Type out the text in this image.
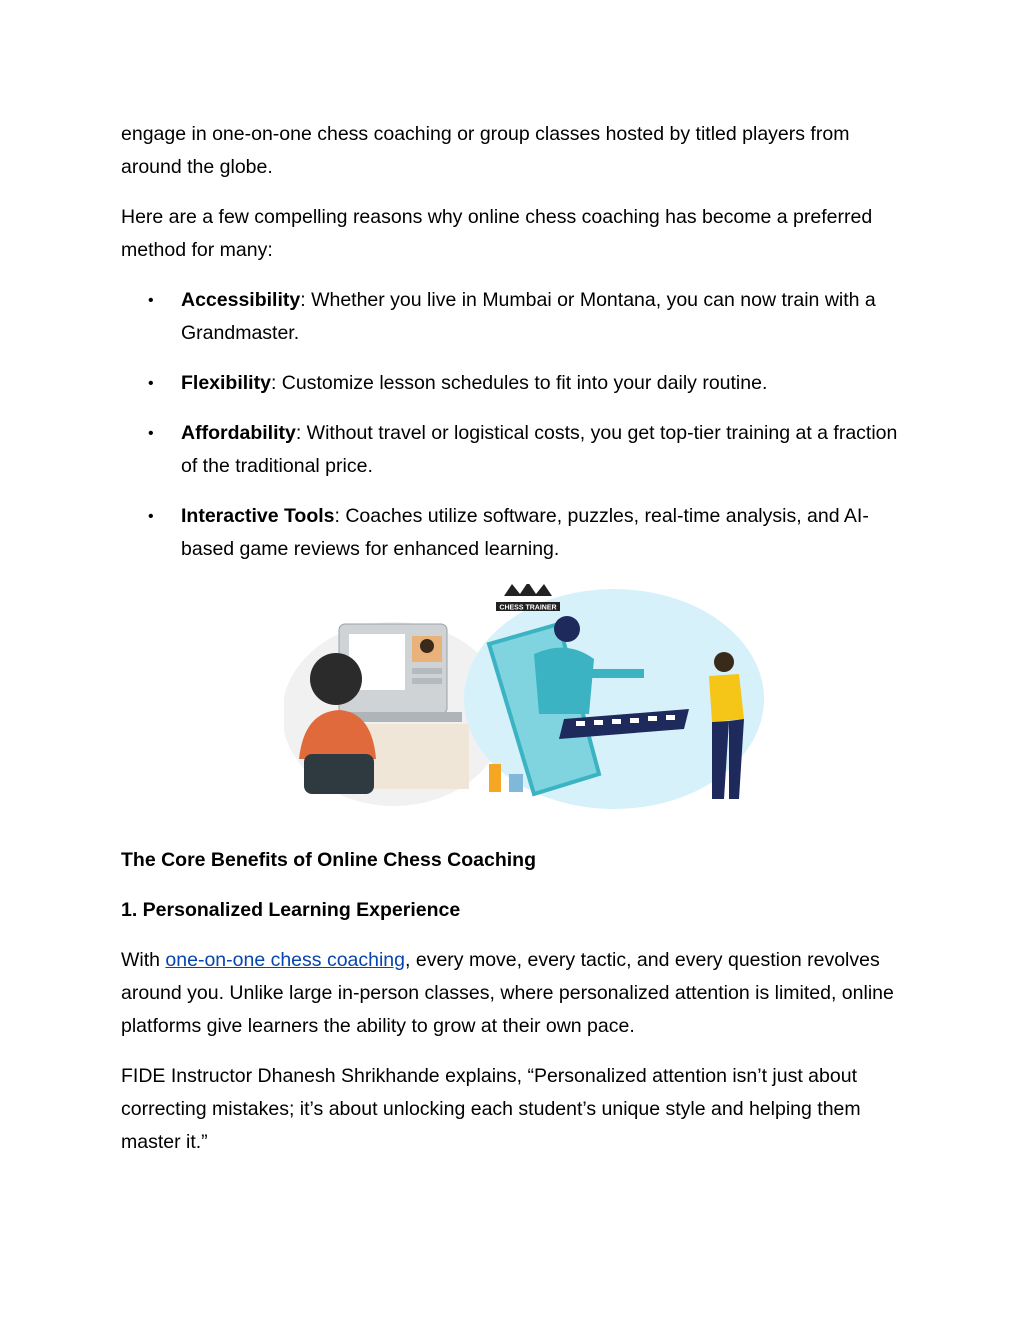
engage in one-on-one chess coaching or group classes hosted by titled players from around the globe.

Here are a few compelling reasons why online chess coaching has become a preferred method for many:

• Accessibility: Whether you live in Mumbai or Montana, you can now train with a Grandmaster.
• Flexibility: Customize lesson schedules to fit into your daily routine.
• Affordability: Without travel or logistical costs, you get top-tier training at a fraction of the traditional price.
• Interactive Tools: Coaches utilize software, puzzles, real-time analysis, and AI-based game reviews for enhanced learning.
CHESS TRAINER
The Core Benefits of Online Chess Coaching
1. Personalized Learning Experience

With one-on-one chess coaching, every move, every tactic, and every question revolves around you. Unlike large in-person classes, where personalized attention is limited, online platforms give learners the ability to grow at their own pace.

FIDE Instructor Dhanesh Shrikhande explains, “Personalized attention isn’t just about correcting mistakes; it’s about unlocking each student’s unique style and helping them master it.”
